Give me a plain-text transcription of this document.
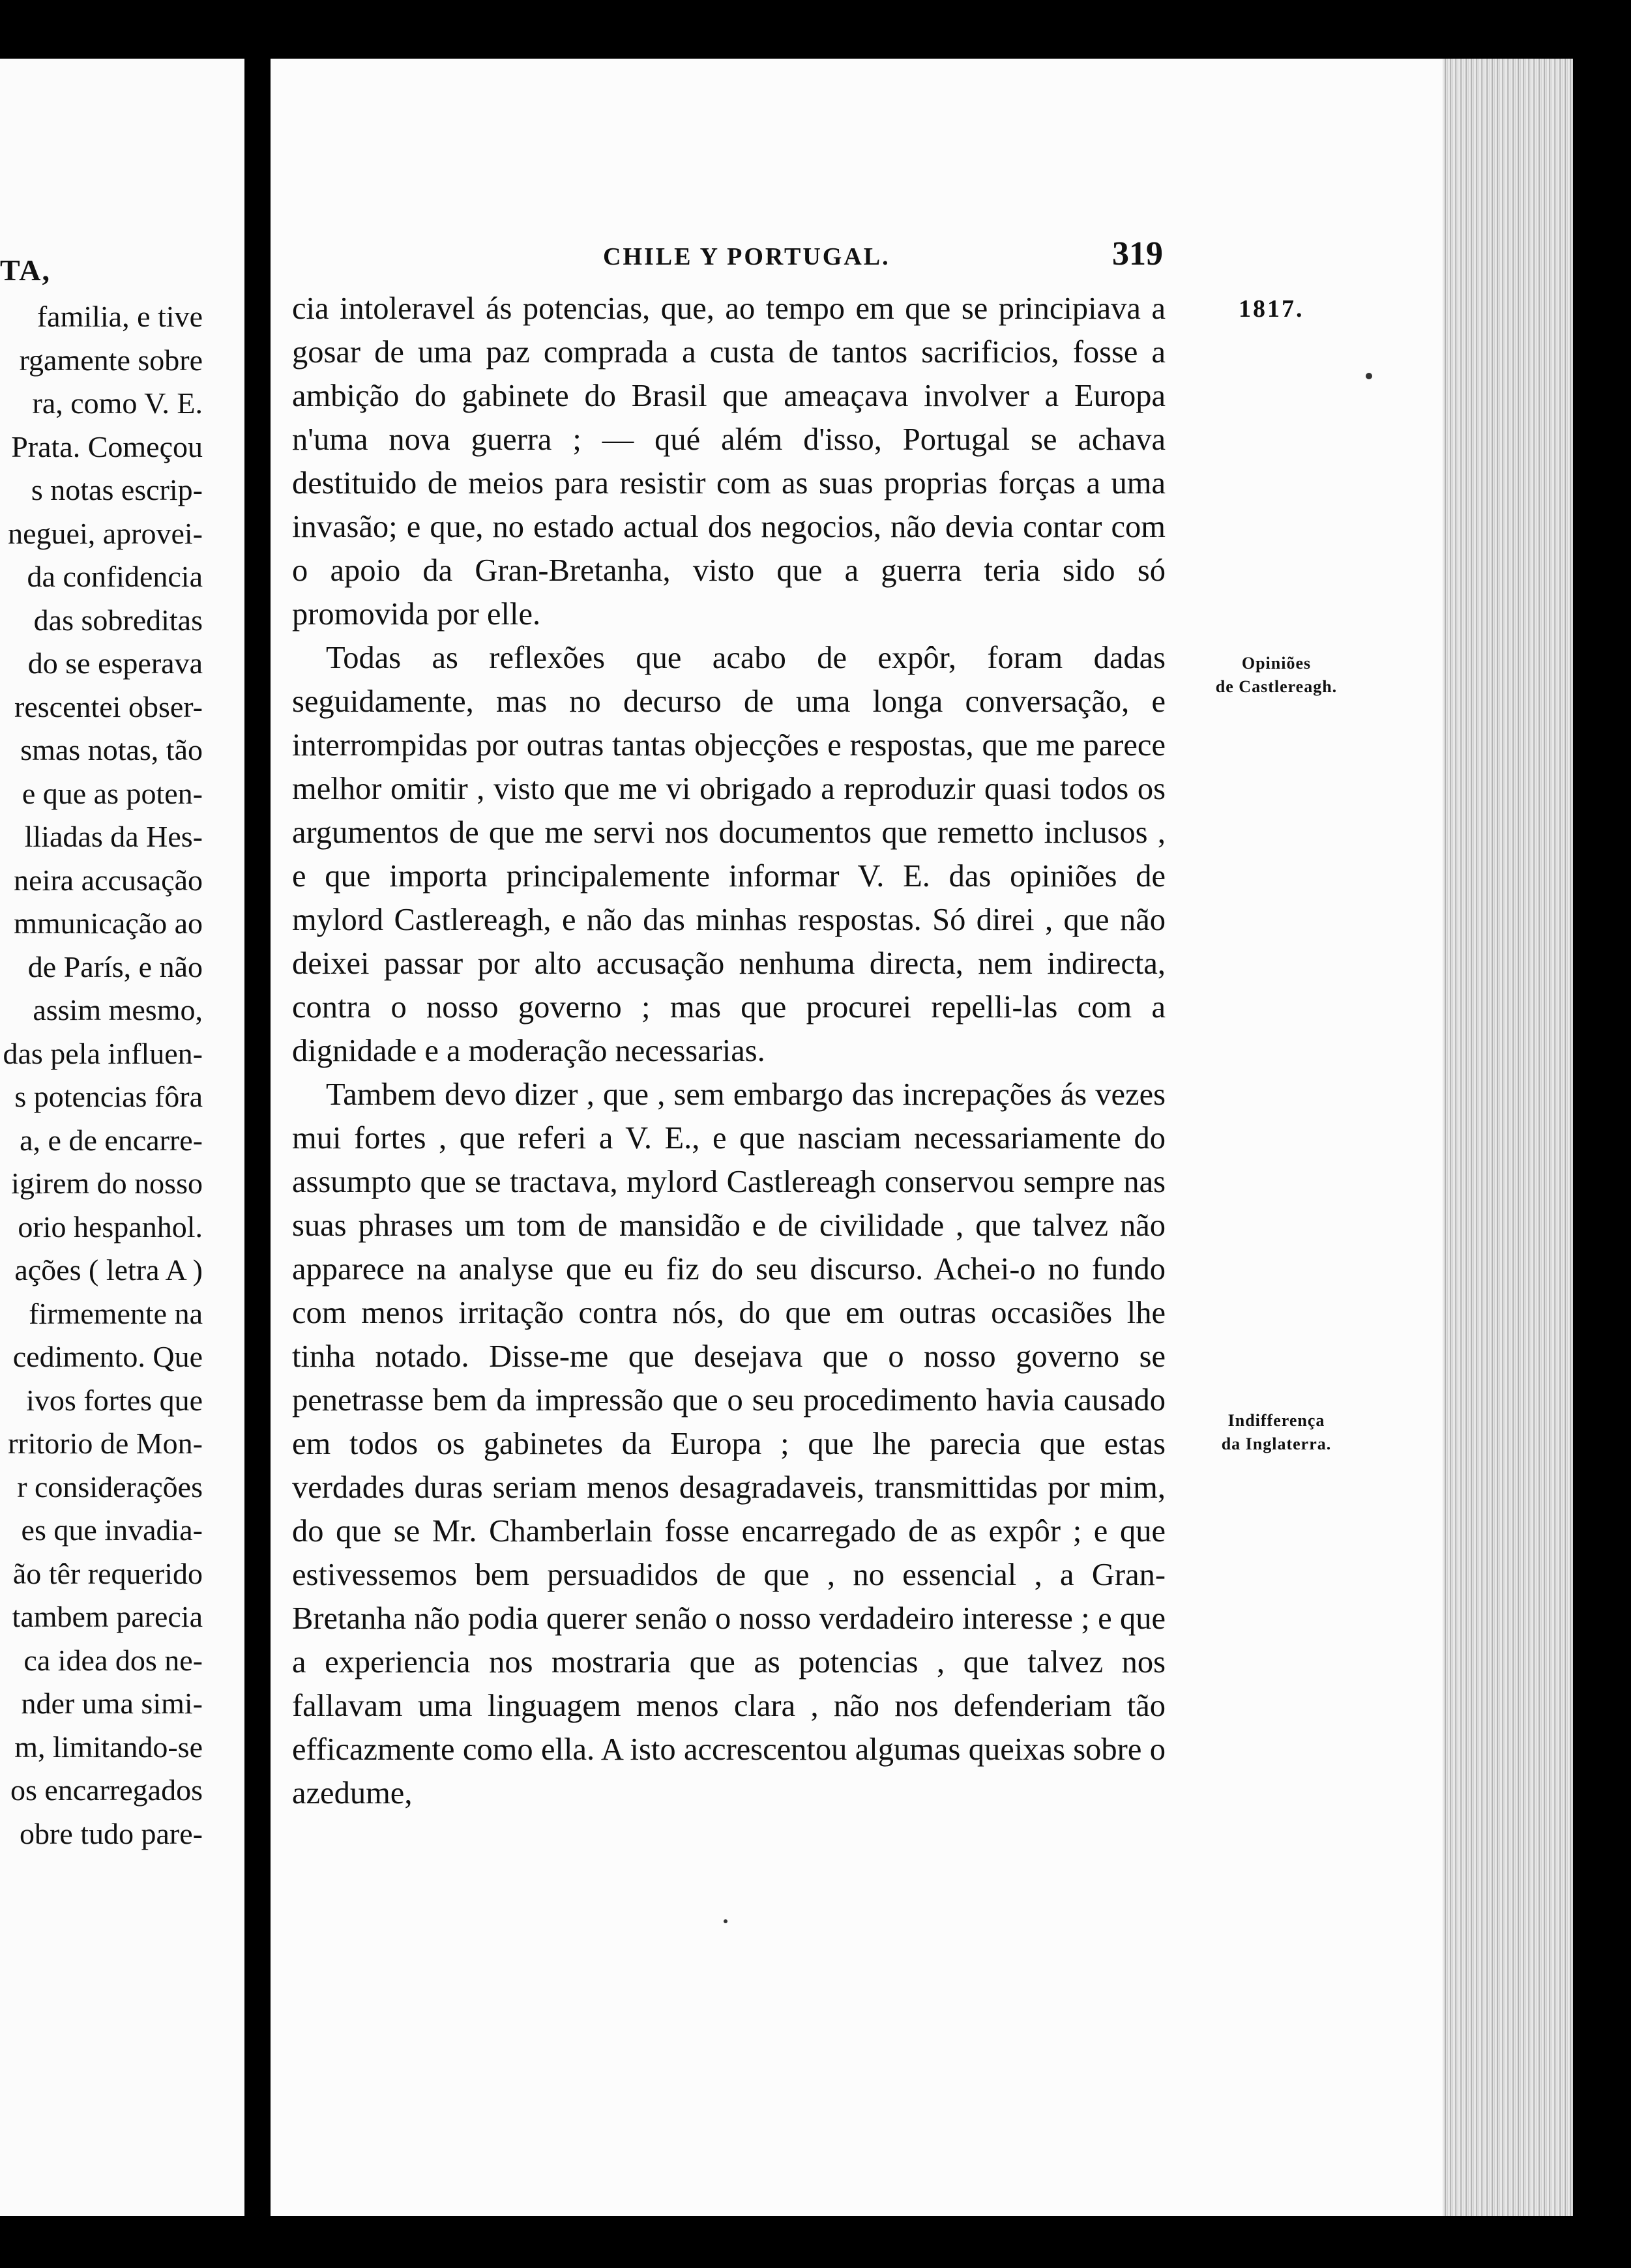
TA,
familia, e tive
rgamente sobre
ra, como V. E.
Prata. Começou
s notas escrip-
neguei, aprovei-
da confidencia
das sobreditas
do se esperava
rescentei obser-
smas notas, tão
e que as poten-
lliadas da Hes-
neira accusação
mmunicação ao
de París, e não
assim mesmo,
das pela influen-
s potencias fôra
a, e de encarre-
igirem do nosso
orio hespanhol.
ações ( letra A )
firmemente na
cedimento. Que
ivos fortes que
rritorio de Mon-
r considerações
es que invadia-
ão têr requerido
tambem parecia
ca idea dos ne-
nder uma simi-
m, limitando-se
os encarregados
obre tudo pare-
CHILE Y PORTUGAL.	319
1817.
Opiniões
de Castlereagh.
Indifferença
da Inglaterra.

cia intoleravel ás potencias, que, ao tempo em que se principiava a gosar de uma paz comprada a custa de tantos sacrificios, fosse a ambição do gabinete do Brasil que ameaçava involver a Europa n'uma nova guerra ; — qué além d'isso, Portugal se achava destituido de meios para resistir com as suas proprias forças a uma invasão; e que, no estado actual dos negocios, não devia contar com o apoio da Gran-Bretanha, visto que a guerra teria sido só promovida por elle.

Todas as reflexões que acabo de expôr, foram dadas seguidamente, mas no decurso de uma longa conversação, e interrompidas por outras tantas objecções e respostas, que me parece melhor omitir , visto que me vi obrigado a reproduzir quasi todos os argumentos de que me servi nos documentos que remetto inclusos , e que importa principalemente informar V. E. das opiniões de mylord Castlereagh, e não das minhas respostas. Só direi , que não deixei passar por alto accusação nenhuma directa, nem indirecta, contra o nosso governo ; mas que procurei repelli-las com a dignidade e a moderação necessarias.

Tambem devo dizer , que , sem embargo das increpações ás vezes mui fortes , que referi a V. E., e que nasciam necessariamente do assumpto que se tractava, mylord Castlereagh conservou sempre nas suas phrases um tom de mansidão e de civilidade , que talvez não apparece na analyse que eu fiz do seu discurso. Achei-o no fundo com menos irritação contra nós, do que em outras occasiões lhe tinha notado. Disse-me que desejava que o nosso governo se penetrasse bem da impressão que o seu procedimento havia causado em todos os gabinetes da Europa ; que lhe parecia que estas verdades duras seriam menos desagradaveis, transmittidas por mim, do que se Mr. Chamberlain fosse encarregado de as expôr ; e que estivessemos bem persuadidos de que , no essencial , a Gran-Bretanha não podia querer senão o nosso verdadeiro interesse ; e que a experiencia nos mostraria que as potencias , que talvez nos fallavam uma linguagem menos clara , não nos defenderiam tão efficazmente como ella. A isto accrescentou algumas queixas sobre o azedume,
